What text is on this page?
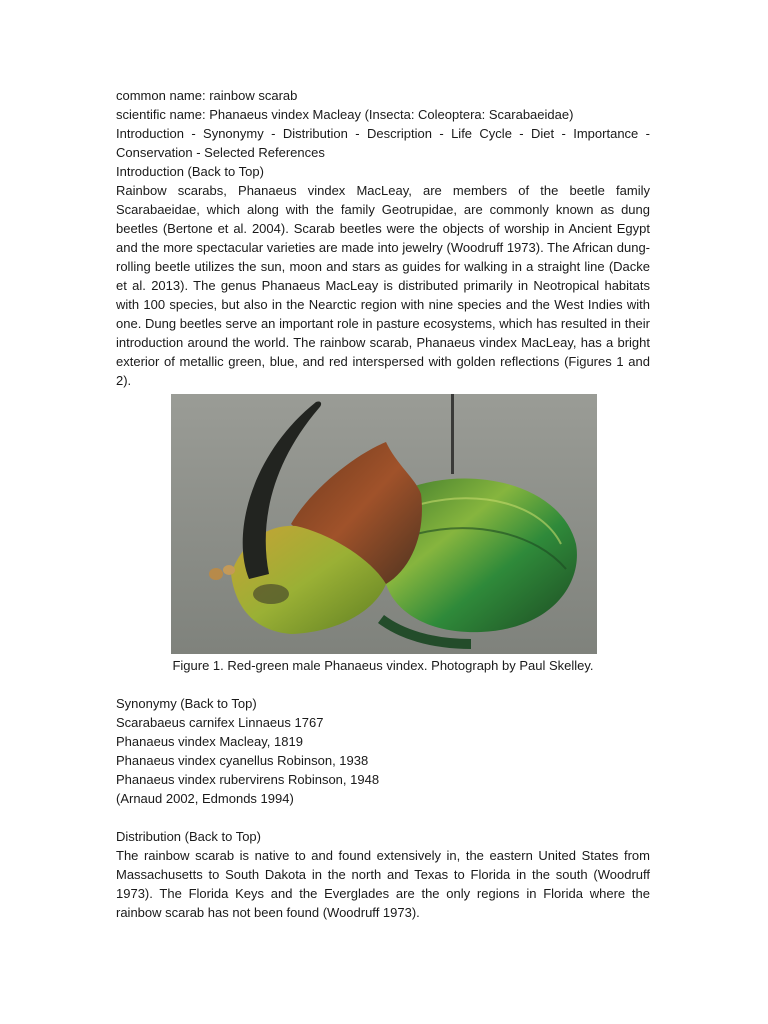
common name: rainbow scarab

scientific name: Phanaeus vindex Macleay (Insecta: Coleoptera: Scarabaeidae)

Introduction - Synonymy - Distribution - Description - Life Cycle - Diet - Importance - Conservation - Selected References

Introduction (Back to Top)

Rainbow scarabs, Phanaeus vindex MacLeay, are members of the beetle family Scarabaeidae, which along with the family Geotrupidae, are commonly known as dung beetles (Bertone et al. 2004). Scarab beetles were the objects of worship in Ancient Egypt and the more spectacular varieties are made into jewelry (Woodruff 1973). The African dung-rolling beetle utilizes the sun, moon and stars as guides for walking in a straight line (Dacke et al. 2013). The genus Phanaeus MacLeay is distributed primarily in Neotropical habitats with 100 species, but also in the Nearctic region with nine species and the West Indies with one. Dung beetles serve an important role in pasture ecosystems, which has resulted in their introduction around the world. The rainbow scarab, Phanaeus vindex MacLeay, has a bright exterior of metallic green, blue, and red interspersed with golden reflections (Figures 1 and 2).

Figure 1. Red-green male Phanaeus vindex. Photograph by Paul Skelley.

Synonymy (Back to Top)

Scarabaeus carnifex Linnaeus 1767

Phanaeus vindex Macleay, 1819

Phanaeus vindex cyanellus Robinson, 1938

Phanaeus vindex rubervirens Robinson, 1948

(Arnaud 2002, Edmonds 1994)

Distribution (Back to Top)

The rainbow scarab is native to and found extensively in, the eastern United States from Massachusetts to South Dakota in the north and Texas to Florida in the south (Woodruff 1973). The Florida Keys and the Everglades are the only regions in Florida where the rainbow scarab has not been found (Woodruff 1973).
